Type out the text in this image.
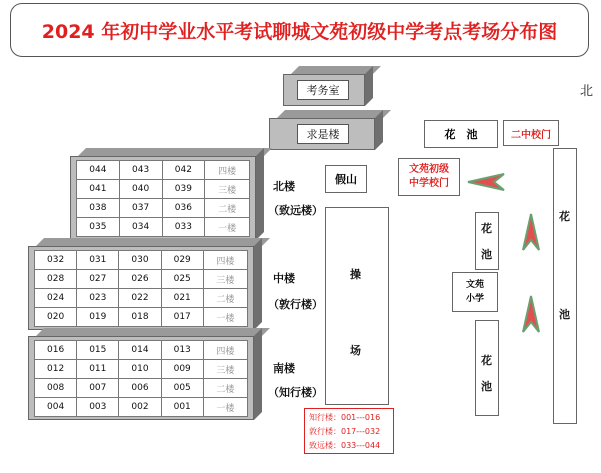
2024 年初中学业水平考试聊城文苑初级中学考点考场分布图
北
考务室
求是楼
044	043	042	四楼
041	040	039	三楼
038	037	036	二楼
035	034	033	一楼
北楼
（致远楼）
032	031	030	029	四楼
028	027	026	025	三楼
024	023	022	021	二楼
020	019	018	017	一楼
中楼
（敦行楼）
016	015	014	013	四楼
012	011	010	009	三楼
008	007	006	005	二楼
004	003	002	001	一楼
南楼
（知行楼）
假山
操
场
花　池	二中校门
文苑初级
中学校门
花
池
文苑
小学
花
池
花
池
知行楼：001---016
敦行楼：017---032
致远楼：033---044
